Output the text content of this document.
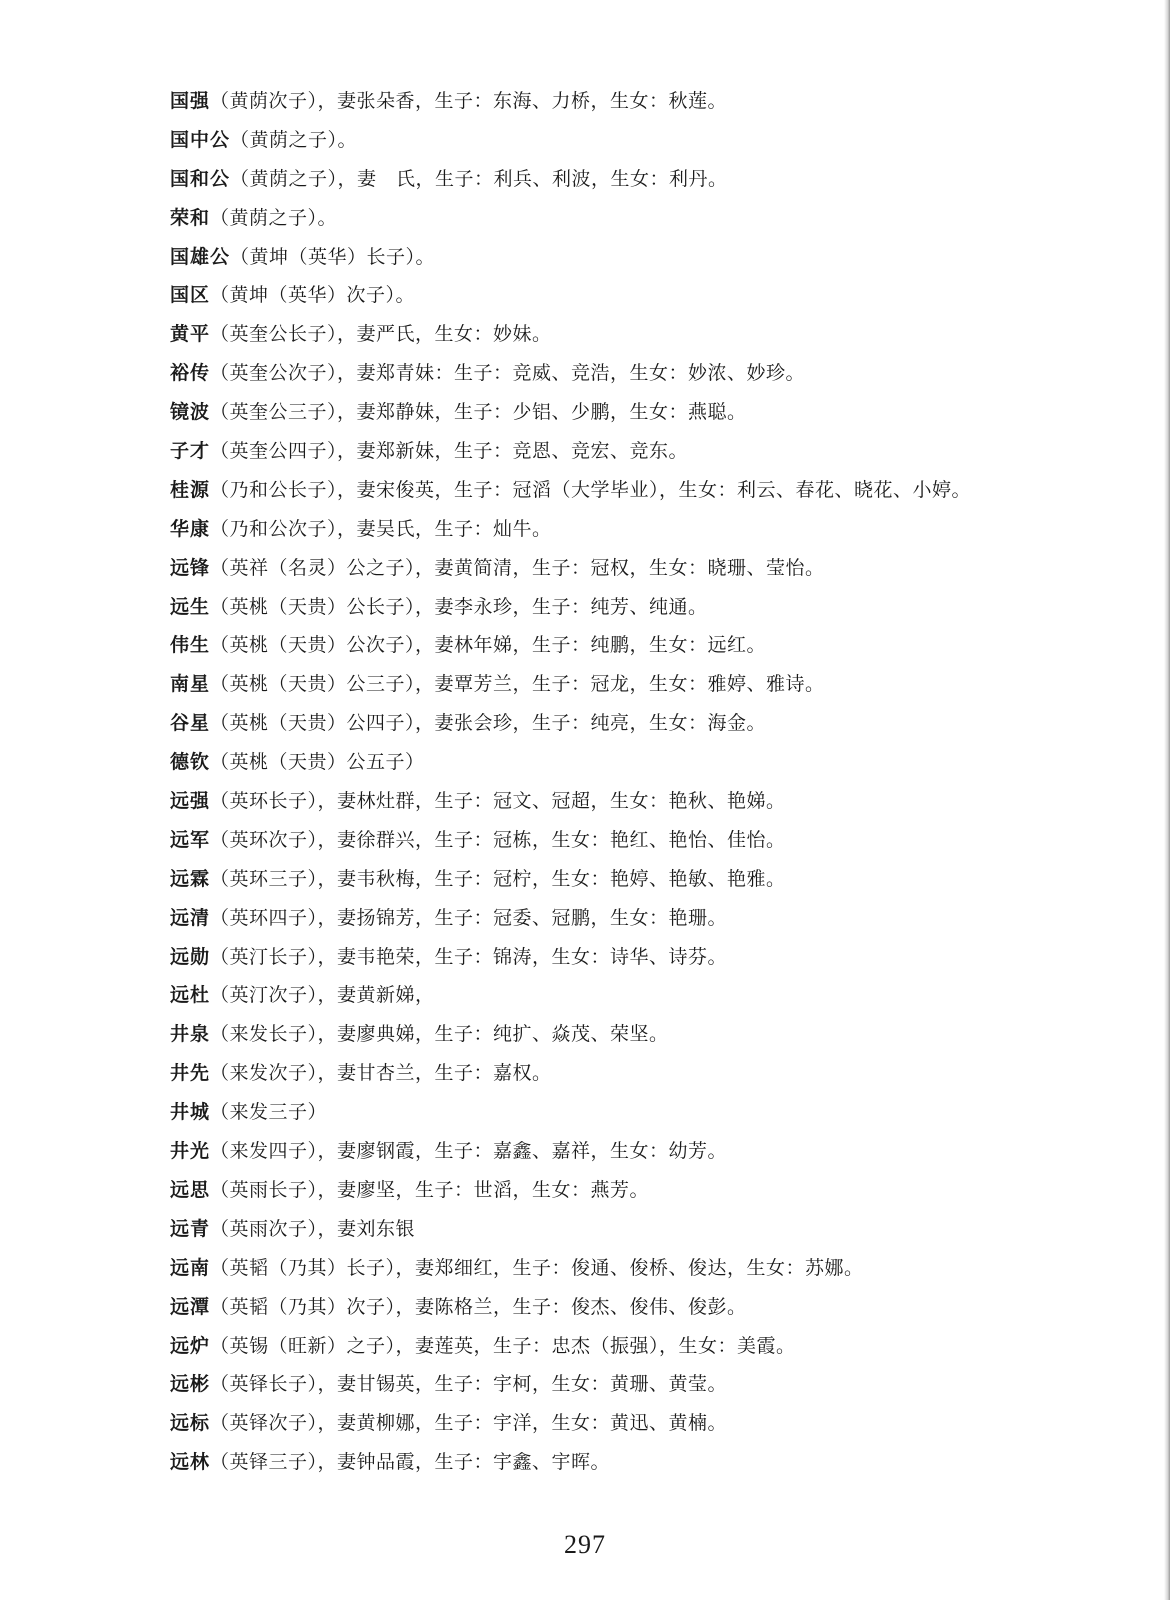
国强（黄荫次子），妻张朵香，生子：东海、力桥，生女：秋莲。
国中公（黄荫之子）。
国和公（黄荫之子），妻　氏，生子：利兵、利波，生女：利丹。
荣和（黄荫之子）。
国雄公（黄坤（英华）长子）。
国区（黄坤（英华）次子）。
黄平（英奎公长子），妻严氏，生女：妙妹。
裕传（英奎公次子），妻郑青妹：生子：竞威、竞浩，生女：妙浓、妙珍。
镜波（英奎公三子），妻郑静妹，生子：少铝、少鹏，生女：燕聪。
子才（英奎公四子），妻郑新妹，生子：竞恩、竞宏、竞东。
桂源（乃和公长子），妻宋俊英，生子：冠滔（大学毕业），生女：利云、春花、晓花、小婷。
华康（乃和公次子），妻吴氏，生子：灿牛。
远锋（英祥（名灵）公之子），妻黄简清，生子：冠权，生女：晓珊、莹怡。
远生（英桃（天贵）公长子），妻李永珍，生子：纯芳、纯通。
伟生（英桃（天贵）公次子），妻林年娣，生子：纯鹏，生女：远红。
南星（英桃（天贵）公三子），妻覃芳兰，生子：冠龙，生女：雅婷、雅诗。
谷星（英桃（天贵）公四子），妻张会珍，生子：纯亮，生女：海金。
德钦（英桃（天贵）公五子）
远强（英环长子），妻林灶群，生子：冠文、冠超，生女：艳秋、艳娣。
远军（英环次子），妻徐群兴，生子：冠栋，生女：艳红、艳怡、佳怡。
远霖（英环三子），妻韦秋梅，生子：冠柠，生女：艳婷、艳敏、艳雅。
远清（英环四子），妻扬锦芳，生子：冠委、冠鹏，生女：艳珊。
远勋（英汀长子），妻韦艳荣，生子：锦涛，生女：诗华、诗芬。
远杜（英汀次子），妻黄新娣，
井泉（来发长子），妻廖典娣，生子：纯扩、焱茂、荣坚。
井先（来发次子），妻甘杏兰，生子：嘉权。
井城（来发三子）
井光（来发四子），妻廖钢霞，生子：嘉鑫、嘉祥，生女：幼芳。
远思（英雨长子），妻廖坚，生子：世滔，生女：燕芳。
远青（英雨次子），妻刘东银
远南（英韬（乃其）长子），妻郑细红，生子：俊通、俊桥、俊达，生女：苏娜。
远潭（英韬（乃其）次子），妻陈格兰，生子：俊杰、俊伟、俊彭。
远炉（英锡（旺新）之子），妻莲英，生子：忠杰（振强），生女：美霞。
远彬（英铎长子），妻甘锡英，生子：宇柯，生女：黄珊、黄莹。
远标（英铎次子），妻黄柳娜，生子：宇洋，生女：黄迅、黄楠。
远林（英铎三子），妻钟品霞，生子：宇鑫、宇晖。
297
